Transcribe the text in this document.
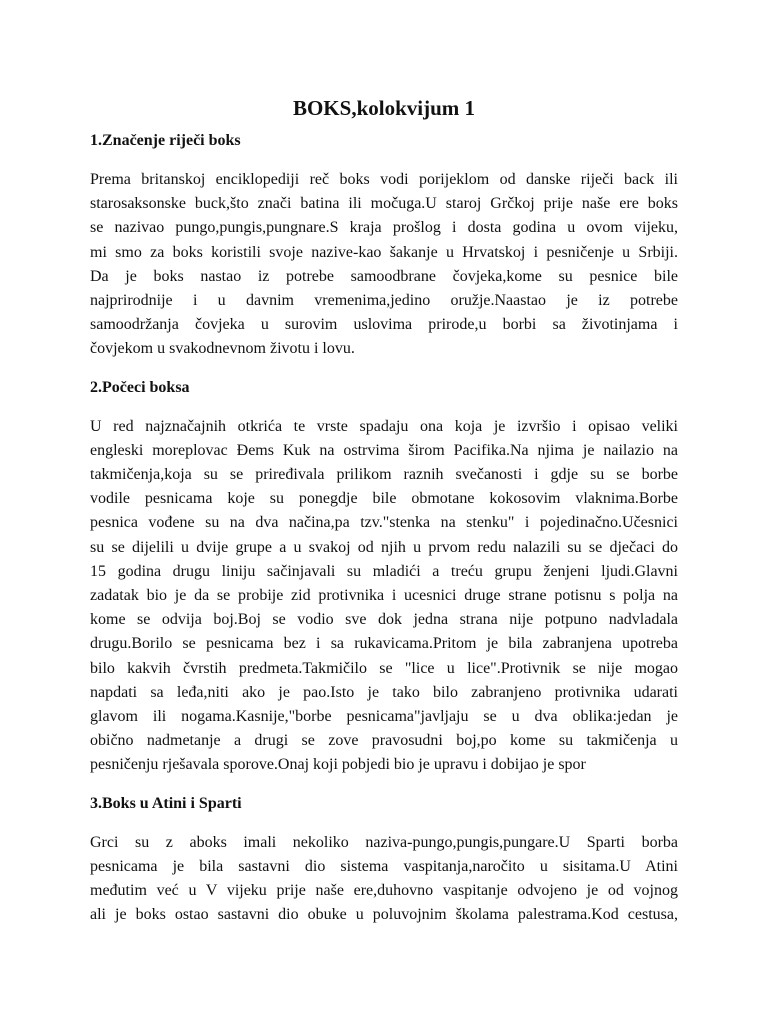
BOKS,kolokvijum 1
1.Značenje riječi boks
Prema britanskoj enciklopediji reč boks vodi porijeklom od danske riječi back ili
starosaksonske buck,što znači batina ili močuga.U staroj Grčkoj prije naše ere boks
se nazivao pungo,pungis,pungnare.S kraja prošlog i dosta godina u ovom vijeku,
mi smo za boks koristili svoje nazive-kao šakanje u Hrvatskoj i pesničenje u Srbiji.
Da je boks nastao iz potrebe samoodbrane čovjeka,kome su pesnice bile
najprirodnije i u davnim vremenima,jedino oružje.Naastao je iz potrebe
samoodržanja čovjeka u surovim uslovima prirode,u borbi sa životinjama i
čovjekom u svakodnevnom životu i lovu.
2.Počeci boksa
U red najznačajnih otkrića te vrste spadaju ona koja je izvršio i opisao veliki
engleski moreplovac Đems Kuk na ostrvima širom Pacifika.Na njima je nailazio na
takmičenja,koja su se priređivala prilikom raznih svečanosti i gdje su se borbe
vodile pesnicama koje su ponegdje bile obmotane kokosovim vlaknima.Borbe
pesnica vođene su na dva načina,pa tzv."stenka na stenku" i pojedinačno.Učesnici
su se dijelili u dvije grupe a u svakoj od njih u prvom redu nalazili su se dječaci do
15 godina drugu liniju sačinjavali su mladići a treću grupu ženjeni ljudi.Glavni
zadatak bio je da se probije zid protivnika i ucesnici druge strane potisnu s polja na
kome se odvija boj.Boj se vodio sve dok jedna strana nije potpuno nadvladala
drugu.Borilo se pesnicama bez i sa rukavicama.Pritom je bila zabranjena upotreba
bilo kakvih čvrstih predmeta.Takmičilo se "lice u lice".Protivnik se nije mogao
napdati sa leđa,niti ako je pao.Isto je tako bilo zabranjeno protivnika udarati
glavom ili nogama.Kasnije,"borbe pesnicama"javljaju se u dva oblika:jedan je
obično nadmetanje a drugi se zove pravosudni boj,po kome su takmičenja u
pesničenju rješavala sporove.Onaj koji pobjedi bio je upravu i dobijao je spor
3.Boks u Atini i Sparti
Grci su z aboks imali nekoliko naziva-pungo,pungis,pungare.U Sparti borba
pesnicama je bila sastavni dio sistema vaspitanja,naročito u sisitama.U Atini
međutim već u V vijeku prije naše ere,duhovno vaspitanje odvojeno je od vojnog
ali je boks ostao sastavni dio obuke u poluvojnim školama palestrama.Kod cestusa,
